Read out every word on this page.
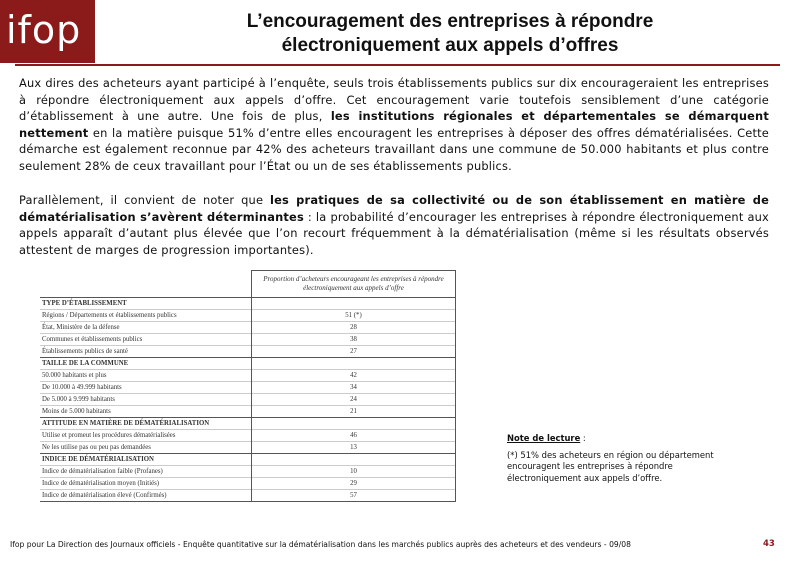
ifop	L’encouragement des entreprises à répondre
électroniquement aux appels d’offres
Aux dires des acheteurs ayant participé à l’enquête, seuls trois établissements publics sur dix encourageraient les entreprises à répondre électroniquement aux appels d’offre. Cet encouragement varie toutefois sensiblement d’une catégorie d’établissement à une autre. Une fois de plus, les institutions régionales et départementales se démarquent nettement en la matière puisque 51% d’entre elles encouragent les entreprises à déposer des offres dématérialisées. Cette démarche est également reconnue par 42% des acheteurs travaillant dans une commune de 50.000 habitants et plus contre seulement 28% de ceux travaillant pour l’État ou un de ses établissements publics.
Parallèlement, il convient de noter que les pratiques de sa collectivité ou de son établissement en matière de dématérialisation s’avèrent déterminantes : la probabilité d’encourager les entreprises à répondre électroniquement aux appels apparaît d’autant plus élevée que l’on recourt fréquemment à la dématérialisation (même si les résultats observés attestent de marges de progression importantes).
	Proportion d’acheteurs encourageant les entreprises à répondre électroniquement aux appels d’offre
TYPE D’ÉTABLISSEMENT	
Régions / Départements et établissements publics	51 (*)
État, Ministère de la défense	28
Communes et établissements publics	38
Établissements publics de santé	27
TAILLE DE LA COMMUNE	
50.000 habitants et plus	42
De 10.000 à 49.999 habitants	34
De 5.000 à 9.999 habitants	24
Moins de 5.000 habitants	21
ATTITUDE EN MATIÈRE DE DÉMATÉRIALISATION	
Utilise et promeut les procédures dématérialisées	46
Ne les utilise pas ou peu pas demandées	13
INDICE DE DÉMATÉRIALISATION	
Indice de dématérialisation faible (Profanes)	10
Indice de dématérialisation moyen (Initiés)	29
Indice de dématérialisation élevé (Confirmés)	57
Note de lecture :
(*) 51% des acheteurs en région ou département encouragent les entreprises à répondre électroniquement aux appels d’offre.
Ifop pour La Direction des Journaux officiels - Enquête quantitative sur la dématérialisation dans les marchés publics auprès des acheteurs et des vendeurs - 09/08	43
